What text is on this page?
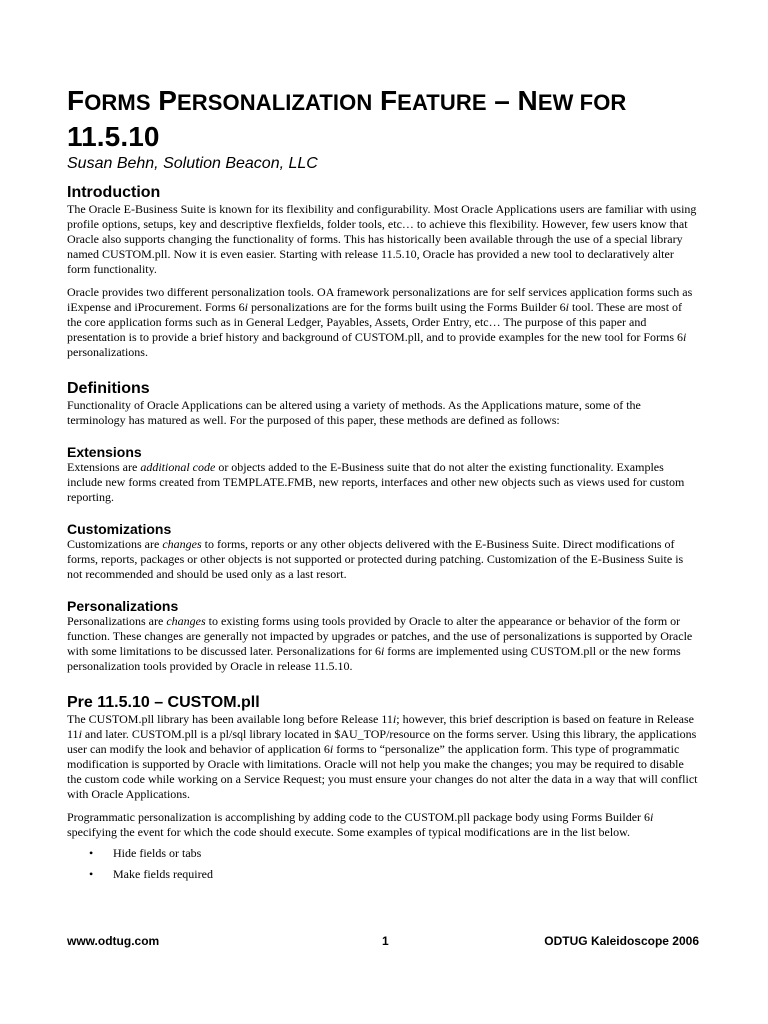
FORMS PERSONALIZATION FEATURE – NEW FOR
11.5.10
Susan Behn, Solution Beacon, LLC
Introduction

The Oracle E-Business Suite is known for its flexibility and configurability. Most Oracle Applications users are familiar with using profile options, setups, key and descriptive flexfields, folder tools, etc… to achieve this flexibility. However, few users know that Oracle also supports changing the functionality of forms. This has historically been available through the use of a special library named CUSTOM.pll. Now it is even easier. Starting with release 11.5.10, Oracle has provided a new tool to declaratively alter form functionality.

Oracle provides two different personalization tools. OA framework personalizations are for self services application forms such as iExpense and iProcurement. Forms 6i personalizations are for the forms built using the Forms Builder 6i tool. These are most of the core application forms such as in General Ledger, Payables, Assets, Order Entry, etc… The purpose of this paper and presentation is to provide a brief history and background of CUSTOM.pll, and to provide examples for the new tool for Forms 6i personalizations.

Definitions

Functionality of Oracle Applications can be altered using a variety of methods. As the Applications mature, some of the terminology has matured as well. For the purposed of this paper, these methods are defined as follows:

Extensions

Extensions are additional code or objects added to the E-Business suite that do not alter the existing functionality. Examples include new forms created from TEMPLATE.FMB, new reports, interfaces and other new objects such as views used for custom reporting.

Customizations

Customizations are changes to forms, reports or any other objects delivered with the E-Business Suite. Direct modifications of forms, reports, packages or other objects is not supported or protected during patching. Customization of the E-Business Suite is not recommended and should be used only as a last resort.

Personalizations

Personalizations are changes to existing forms using tools provided by Oracle to alter the appearance or behavior of the form or function. These changes are generally not impacted by upgrades or patches, and the use of personalizations is supported by Oracle with some limitations to be discussed later. Personalizations for 6i forms are implemented using CUSTOM.pll or the new forms personalization tools provided by Oracle in release 11.5.10.

Pre 11.5.10 – CUSTOM.pll

The CUSTOM.pll library has been available long before Release 11i; however, this brief description is based on feature in Release 11i and later. CUSTOM.pll is a pl/sql library located in $AU_TOP/resource on the forms server. Using this library, the applications user can modify the look and behavior of application 6i forms to “personalize” the application form. This type of programmatic modification is supported by Oracle with limitations. Oracle will not help you make the changes; you may be required to disable the custom code while working on a Service Request; you must ensure your changes do not alter the data in a way that will conflict with Oracle Applications.

Programmatic personalization is accomplishing by adding code to the CUSTOM.pll package body using Forms Builder 6i specifying the event for which the code should execute. Some examples of typical modifications are in the list below.

• Hide fields or tabs
• Make fields required
www.odtug.com	1	ODTUG Kaleidoscope 2006
